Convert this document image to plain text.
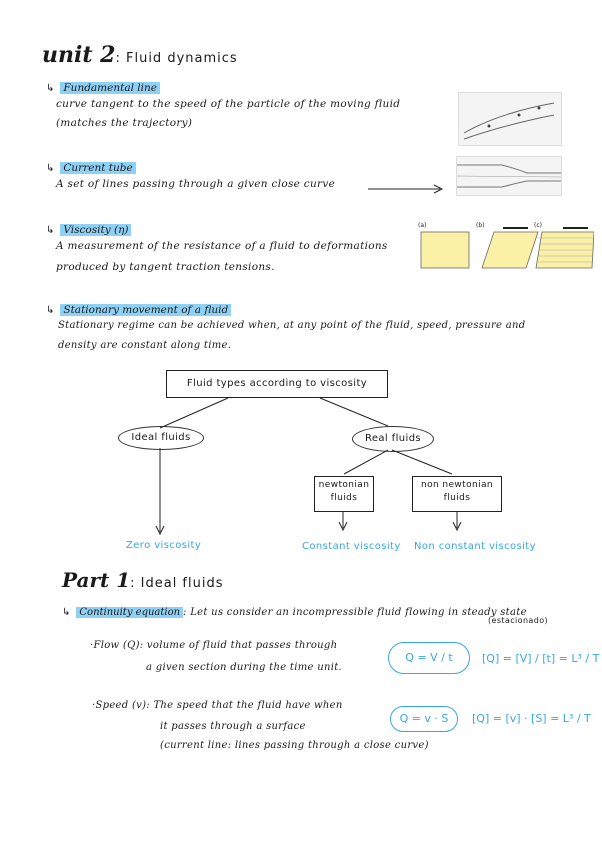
unit 2: Fluid dynamics
↳ Fundamental line
curve tangent to the speed of the particle of the moving fluid
(matches the trajectory)
↳ Current tube
A set of lines passing through a given close curve
↳ Viscosity (η)
A measurement of the resistance of a fluid to deformations
produced by tangent traction tensions.
(a)	(b)	(c)
↳ Stationary movement of a fluid
Stationary regime can be achieved when, at any point of the fluid, speed, pressure and
density are constant along time.
Fluid types according to viscosity
Ideal fluids	Real fluids
newtonian fluids
non newtonian fluids
Zero viscosity	Constant viscosity Non constant viscosity
Part 1: Ideal fluids
↳ Continuity equation : Let us consider an incompressible fluid flowing in steady state
(estacionado)
·Flow (Q): volume of fluid that passes through
a given section during the time unit.
Q = V / t	[Q] = [V] / [t] = L³ / T
·Speed (v): The speed that the fluid have when
it passes through a surface
(current line: lines passing through a close curve)
Q = v · S	[Q] = [v] · [S] = L³ / T
